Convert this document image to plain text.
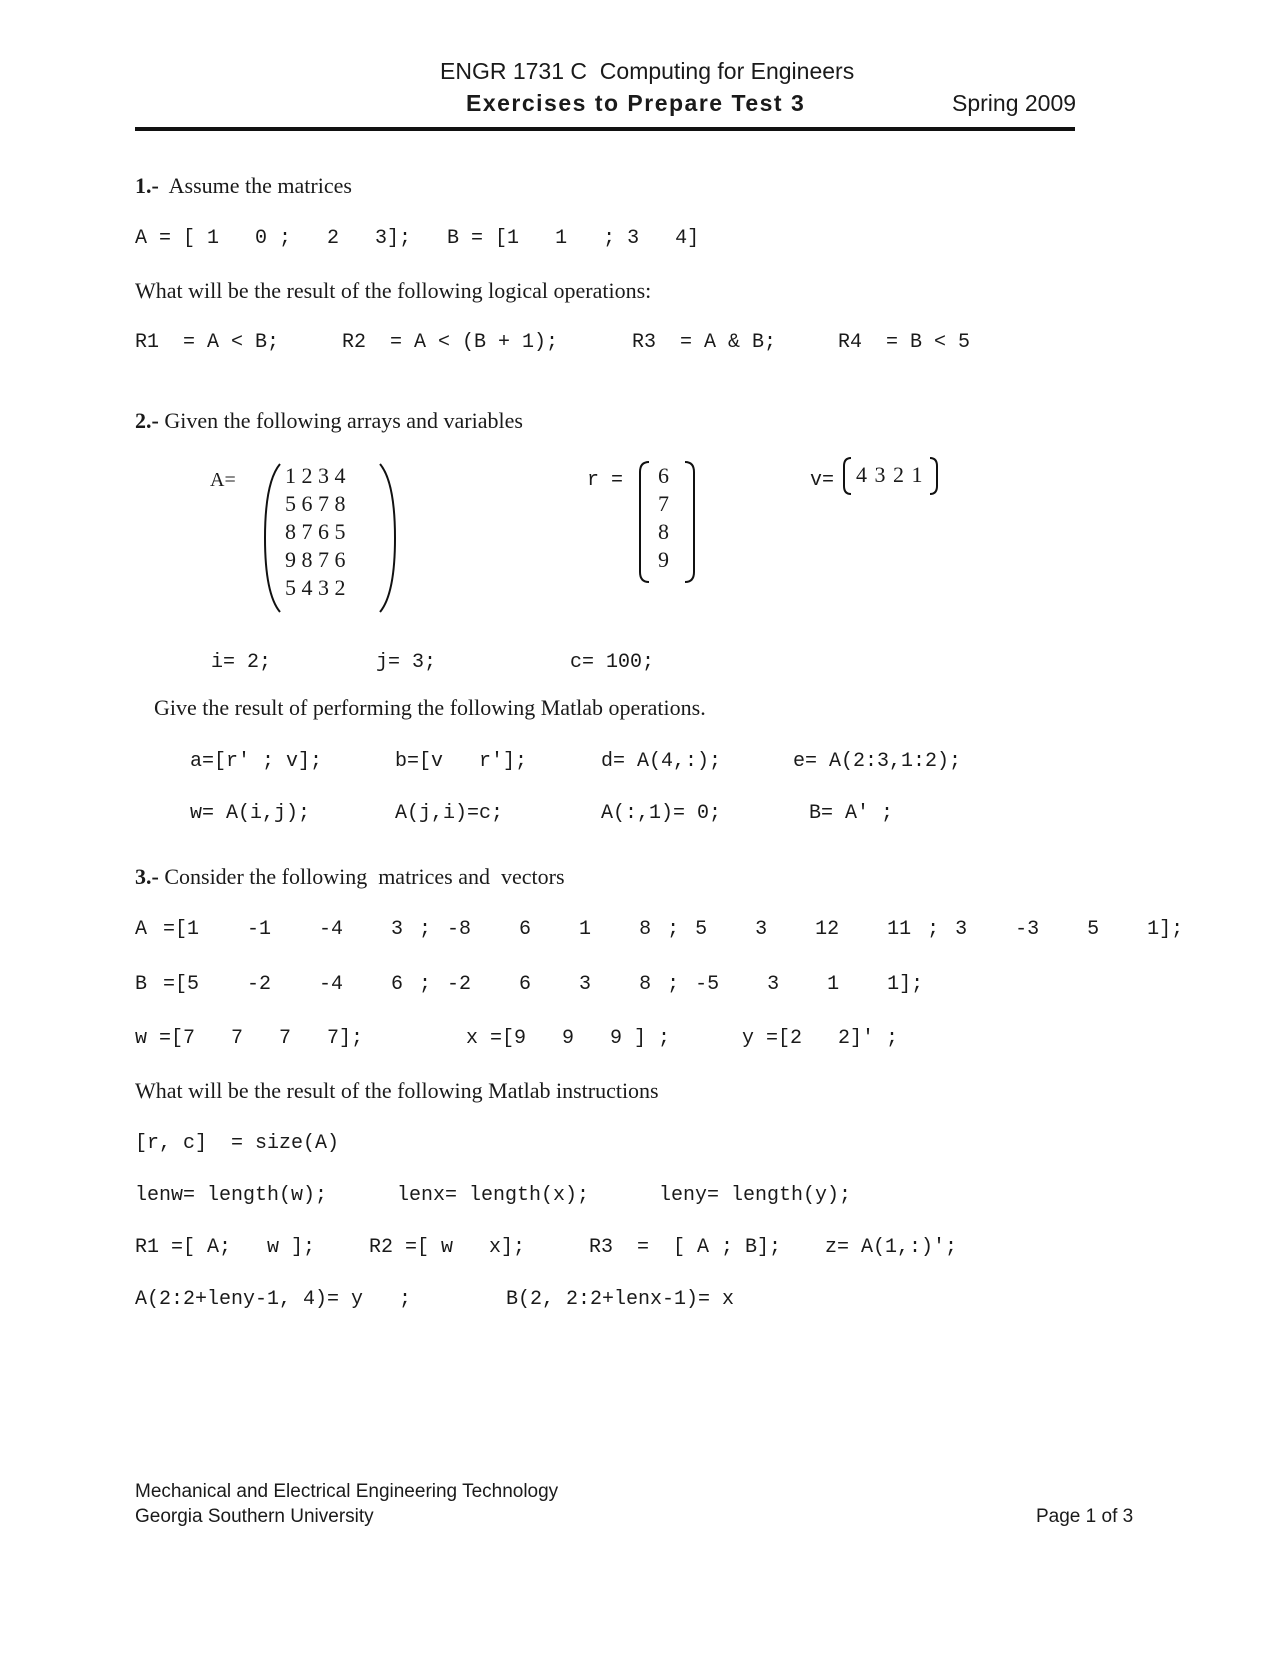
ENGR 1731 C  Computing for Engineers
Exercises to Prepare Test 3	Spring 2009
1.- Assume the matrices
A = [ 1   0 ;   2   3];   B = [1   1   ; 3   4]
What will be the result of the following logical operations:
R1  = A < B;	R2  = A < (B + 1);	R3  = A & B;	R4  = B < 5
2.- Given the following arrays and variables
A= 1 2 3 4
5 6 7 8
8 7 6 5
9 8 7 6
5 4 3 2
r = 6
7
8
9
v= 4 3 2 1
i= 2;	j= 3;	c= 100;
Give the result of performing the following Matlab operations.
a=[r' ; v];	b=[v   r'];	d= A(4,:);	e= A(2:3,1:2);
w= A(i,j);	A(j,i)=c;	A(:,1)= 0;	B= A' ;
3.- Consider the following  matrices and  vectors
A =[1   -1   -4   3 ; -8   6   1   8 ; 5   3   12   11 ; 3   -3   5   1];
B =[5   -2   -4   6 ; -2   6   3   8 ; -5   3   1   1];
w =[7   7   7   7];	x =[9   9   9 ] ;	y =[2   2]' ;
What will be the result of the following Matlab instructions
[r, c]  = size(A)
lenw= length(w);	lenx= length(x);	leny= length(y);
R1 =[ A;   w ];	R2 =[ w   x];	R3  =  [ A ; B]; z= A(1,:)';
A(2:2+leny-1, 4)= y   ;	B(2, 2:2+lenx-1)= x
Mechanical and Electrical Engineering Technology
Georgia Southern University	Page 1 of 3
